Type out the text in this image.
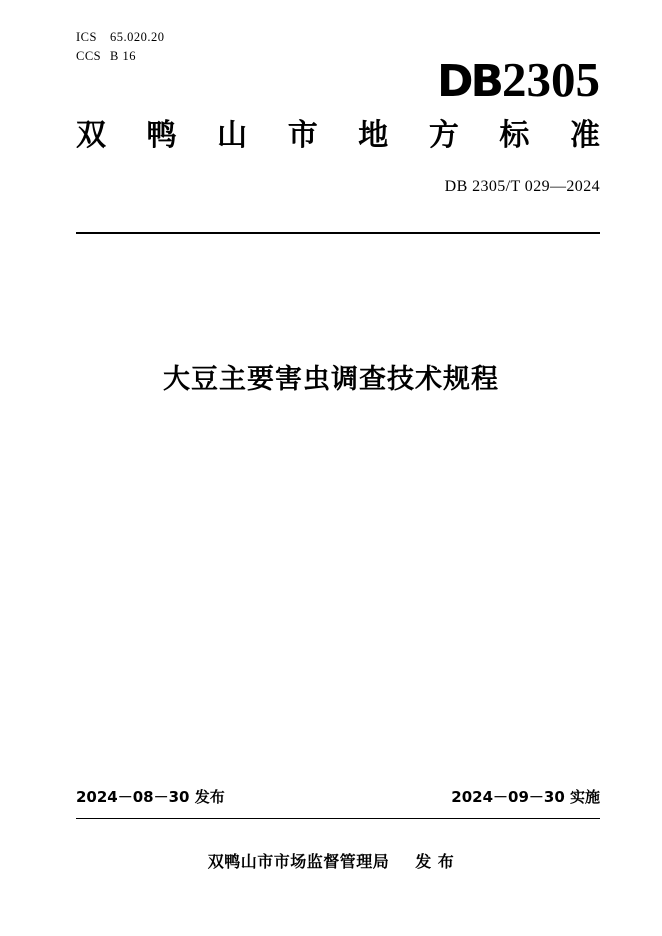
ICS 65.020.20
CCS B 16	DB2305
双 鸭 山 市 地 方 标 准
DB 2305/T 029—2024
大豆主要害虫调查技术规程
2024－08－30 发布	2024－09－30 实施
双鸭山市市场监督管理局 发 布
